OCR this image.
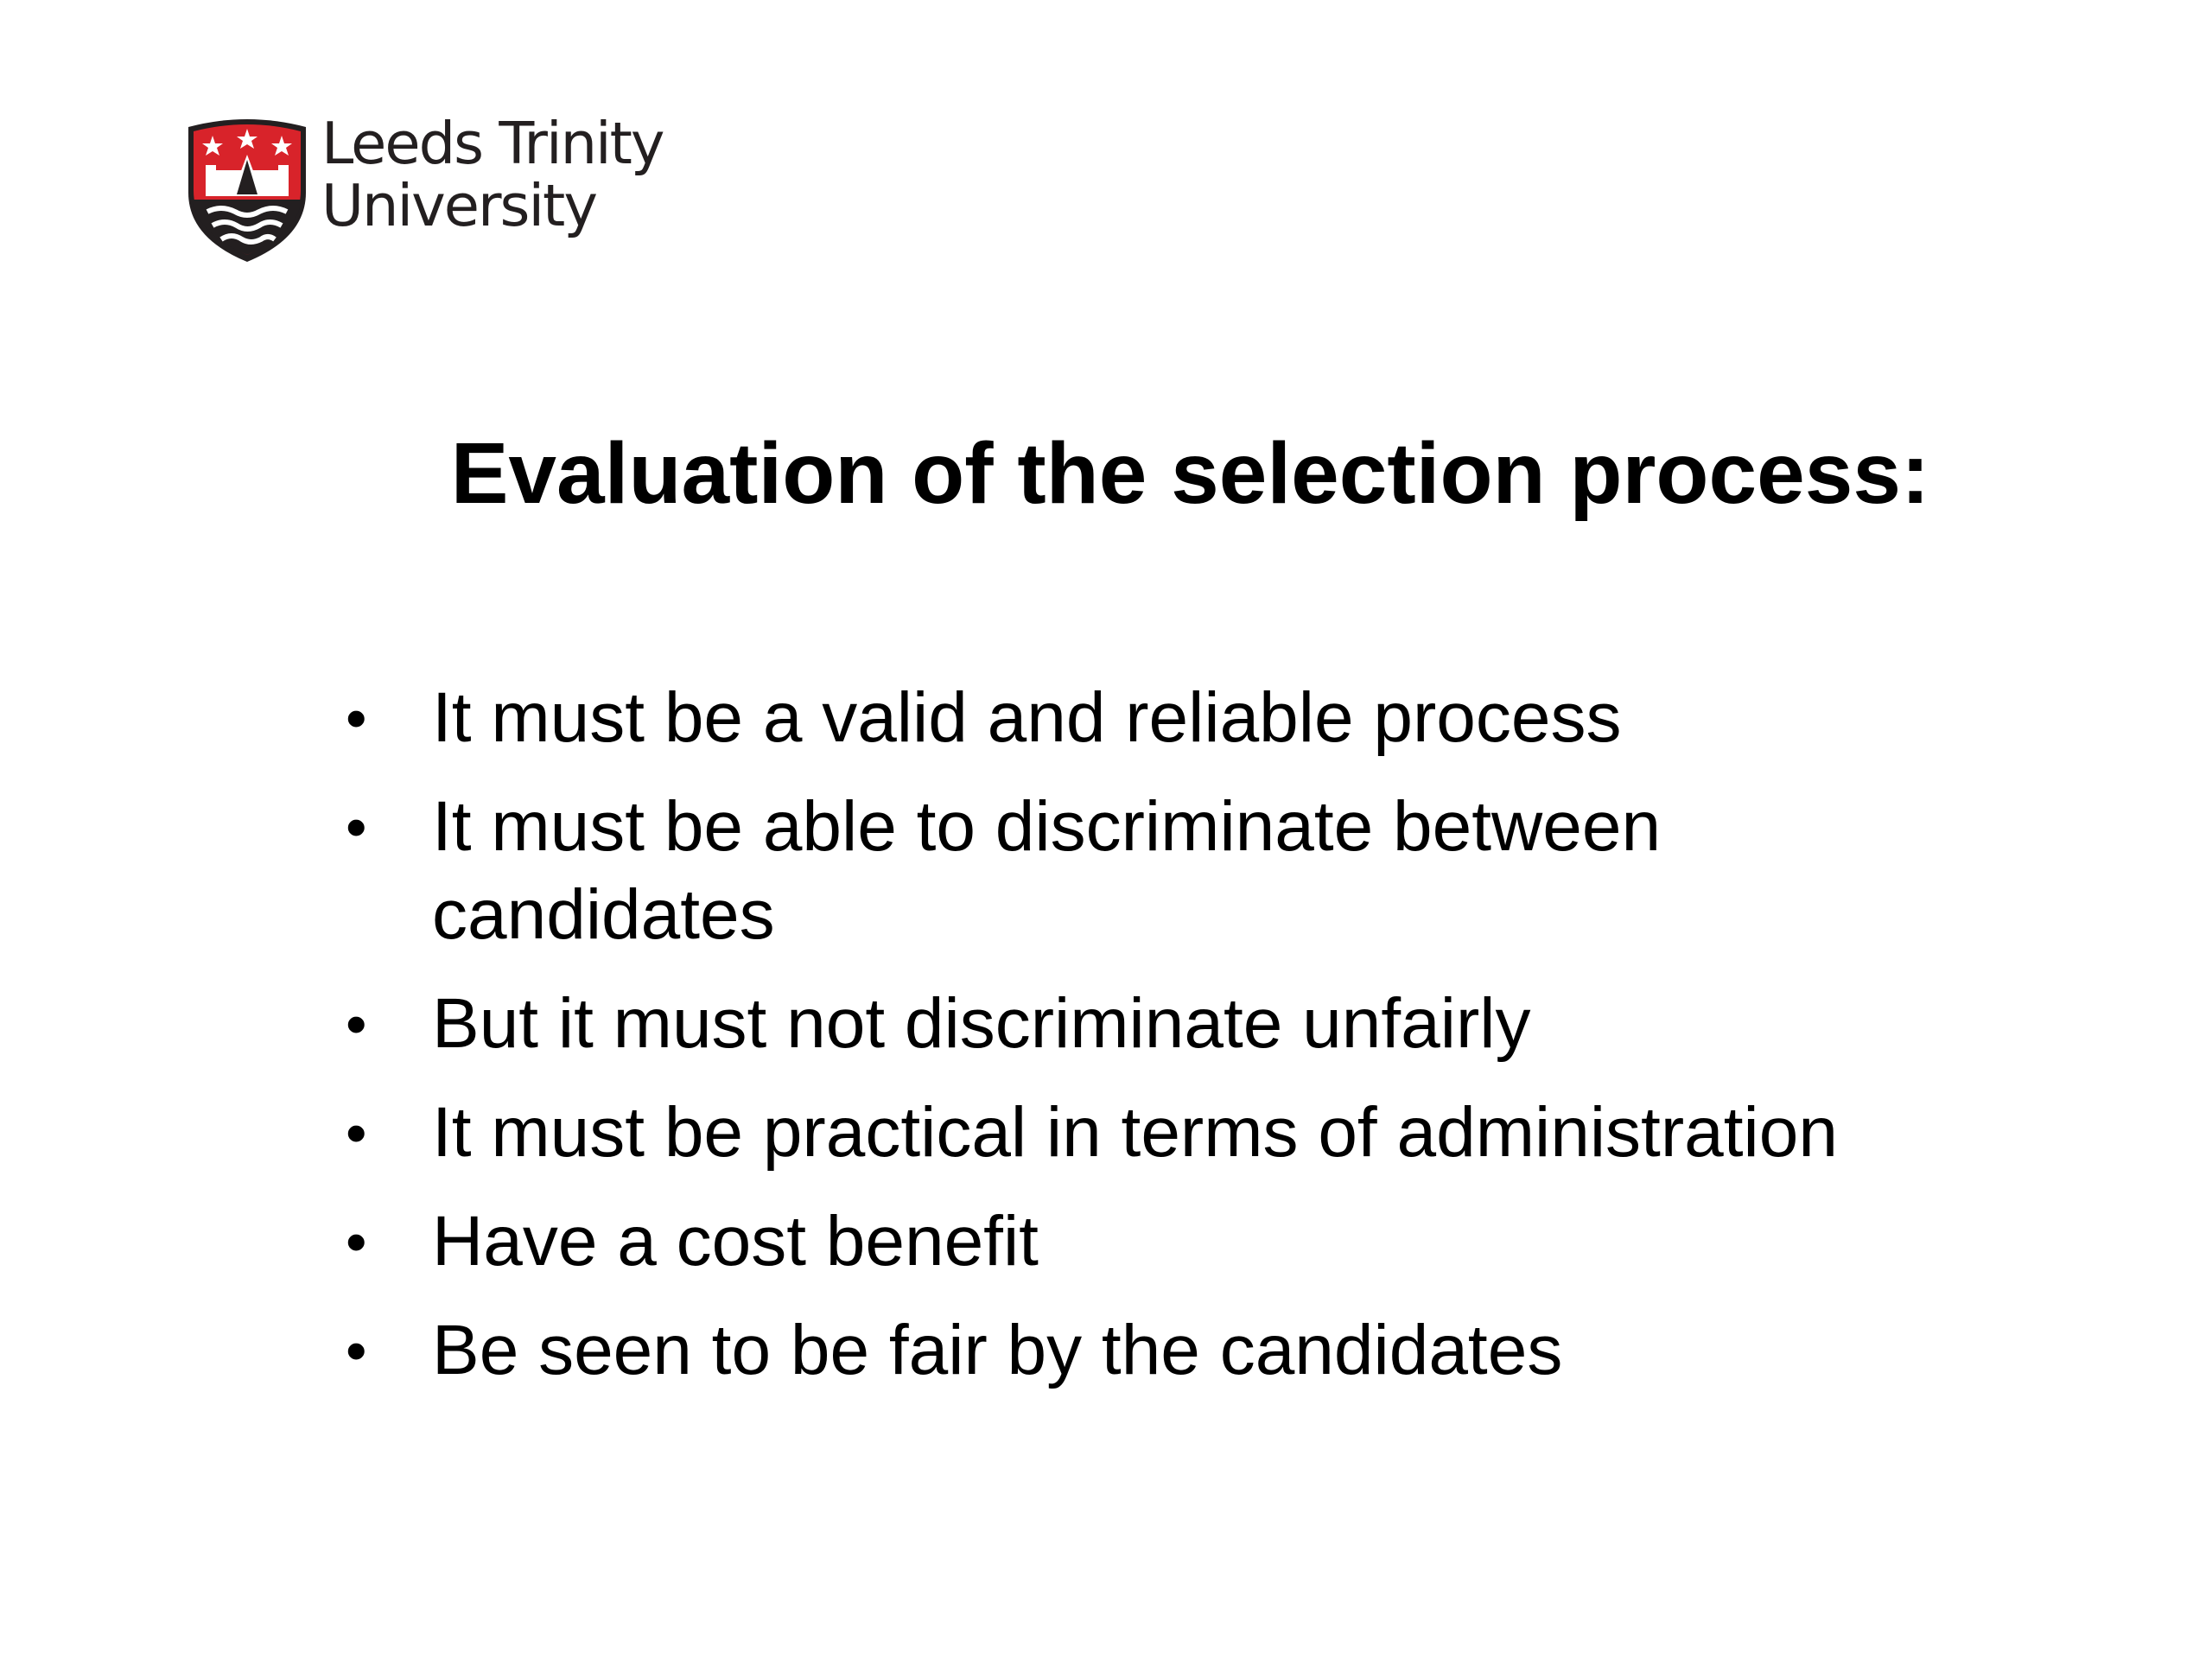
Leeds Trinity
University
Evaluation of the selection process:
• It must be a valid and reliable process
• It must be able to discriminate between candidates
• But it must not discriminate unfairly
• It must be practical in terms of administration
• Have a cost benefit
• Be seen to be fair by the candidates
